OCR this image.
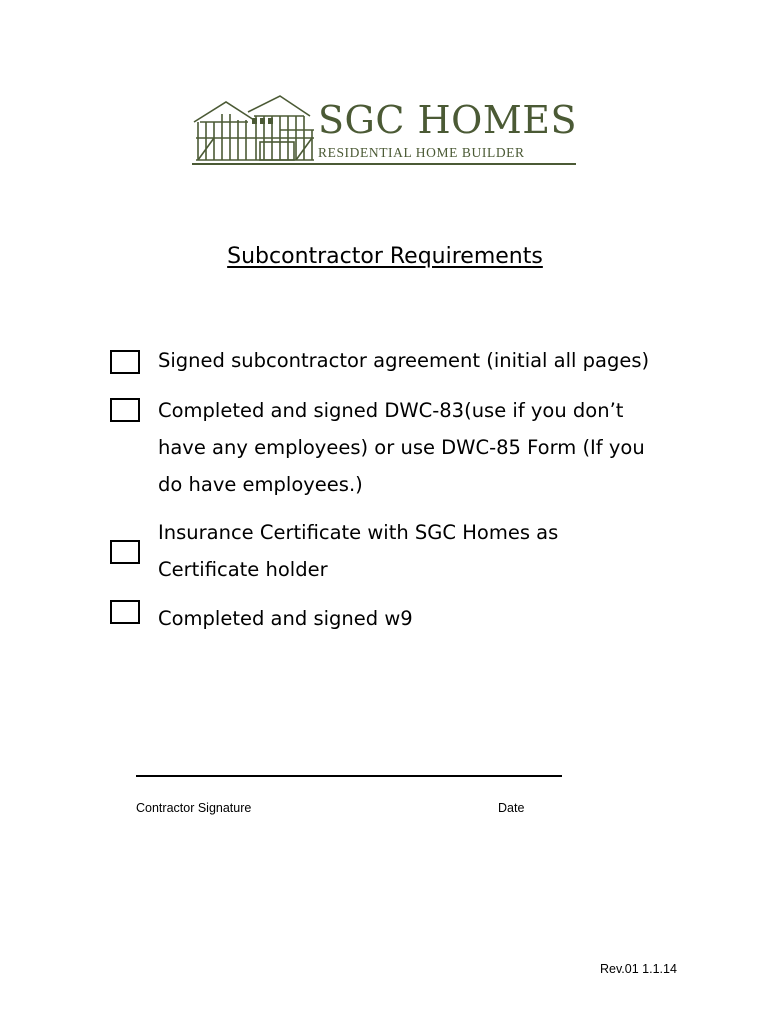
SGC HOMES
RESIDENTIAL HOME BUILDER
Subcontractor Requirements
Signed subcontractor agreement (initial all pages)
Completed and signed DWC-83(use if you don’t
have any employees) or use DWC-85 Form (If you
do have employees.)
Insurance Certificate with SGC Homes as
Certificate holder
Completed and signed w9
Contractor Signature	Date
Rev.01 1.1.14
